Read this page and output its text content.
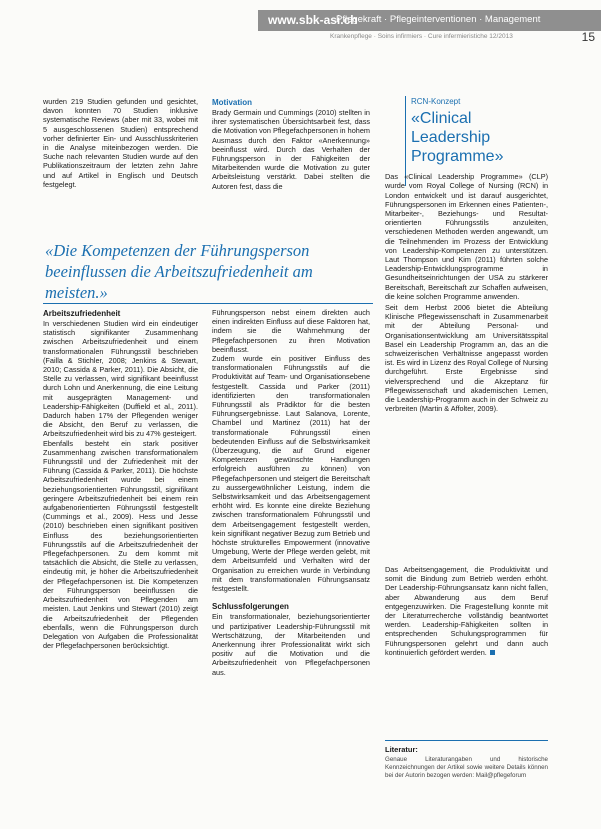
www.sbk-asi.ch
Pflegekraft · Pflegeinterventionen · Management
Krankenpflege · Soins infirmiers · Cure infermieristiche 12/2013	15

wurden 219 Studien gefunden und gesichtet, davon konnten 70 Studien inklusive systematische Reviews (aber mit 33, wobei mit 5 ausgeschlossenen Studien) entsprechend vorher definierter Ein- und Ausschlusskriterien in die Analyse miteinbezogen werden. Die Suche nach relevanten Studien wurde auf den Publikationszeitraum der letzten zehn Jahre und auf Artikel in Englisch und Deutsch festgelegt.

Motivation

Brady Germain und Cummings (2010) stellten in ihrer systematischen Übersichtsarbeit fest, dass die Motivation von Pflegefachpersonen in hohem Ausmass durch den Faktor «Anerkennung» beeinflusst wird. Durch das Verhalten der Führungsperson in der Fähigkeiten der Mitarbeitenden wurde die Motivation zu guter Arbeitsleistung verstärkt. Dabei stellten die Autoren fest, dass die

RCN-Konzept
«Clinical Leadership Programme»

Das «Clinical Leadership Programme» (CLP) wurde vom Royal College of Nursing (RCN) in London entwickelt und ist darauf ausgerichtet, Führungspersonen im Erkennen eines Patienten-, Mitarbeiter-, Beziehungs- und Resultat-orientierten Führungsstils anzuleiten, verschiedenen Methoden werden angewandt, um die Teilnehmenden im Prozess der Entwicklung von Leadership-Kompetenzen zu unterstützen. Laut Thompson und Kim (2011) führten solche Leadership-Entwicklungsprogramme in Gesundheitseinrichtungen der USA zu stärkerer Bereitschaft, Bereitschaft zur Schaffen aufweisen, die keine solchen Programme anwenden.

Seit dem Herbst 2006 bietet die Abteilung Klinische Pflegewissenschaft in Zusammenarbeit mit der Abteilung Personal- und Organisationsentwicklung am Universitätsspital Basel ein Leadership Programm an, das an die schweizerischen Verhältnisse angepasst worden ist. Es wird in Lizenz des Royal College of Nursing durchgeführt. Erste Ergebnisse sind vielversprechend und die Akzeptanz für Pflegewissenschaft und akademischen Lernen, die Leadership-Programm auch in der Schweiz zu verbreiten (Martin & Affolter, 2009).

«Die Kompetenzen der Führungsperson beeinflussen die Arbeitszufriedenheit am meisten.»
Arbeitszufriedenheit

In verschiedenen Studien wird ein eindeutiger statistisch signifikanter Zusammenhang zwischen Arbeitszufriedenheit und einem transformationalen Führungsstil beschrieben (Failla & Stichler, 2008; Jenkins & Stewart, 2010; Cassida & Parker, 2011). Die Absicht, die Stelle zu verlassen, wird signifikant beeinflusst durch Lohn und Anerkennung, die eine Leitung mit ausgeprägten Management- und Leadership-Fähigkeiten (Duffield et al., 2011). Dadurch haben 17% der Pflegenden weniger die Absicht, den Beruf zu verlassen, die Arbeitszufriedenheit wird bis zu 47% gesteigert.

Ebenfalls besteht ein stark positiver Zusammenhang zwischen transformationalem Führungsstil und der Zufriedenheit mit der Führung (Cassida & Parker, 2011). Die höchste Arbeitszufriedenheit wurde bei einem beziehungsorientierten Führungsstil, signifikant geringere Arbeitszufriedenheit bei einem rein aufgabenorientierten Führungsstil festgestellt (Cummings et al., 2009). Hess und Jesse (2010) beschrieben einen signifikant positiven Einfluss des beziehungsorientierten Führungsstils auf die Arbeitszufriedenheit der Pflegefachpersonen. Zu dem kommt mit tatsächlich die Absicht, die Stelle zu verlassen, eindeutig mit, je höher die Arbeitszufriedenheit der Pflegefachpersonen ist. Die Kompetenzen der Führungsperson beeinflussen die Arbeitszufriedenheit von Pflegenden am meisten. Laut Jenkins und Stewart (2010) zeigt die Arbeitszufriedenheit der Pflegenden ebenfalls, wenn die Führungsperson durch Delegation von Aufgaben die Professionalität der Pflegefachpersonen berücksichtigt.

Führungsperson nebst einem direkten auch einen indirekten Einfluss auf diese Faktoren hat, indem sie die Wahrnehmung der Pflegefachpersonen zu ihren Motivation beeinflusst.

Zudem wurde ein positiver Einfluss des transformationalen Führungsstils auf die Produktivität auf Team- und Organisationsebene festgestellt. Cassida und Parker (2011) identifizierten den transformationalen Führungsstil als Prädiktor für die besten Führungsergebnisse. Laut Salanova, Lorente, Chambel und Martinez (2011) hat der transformationale Führungsstil einen bedeutenden Einfluss auf die Selbstwirksamkeit (Überzeugung, die auf Grund eigener Kompetenzen gewünschte Handlungen erfolgreich ausführen zu können) von Pflegefachpersonen und steigert die Bereitschaft zu aussergewöhnlicher Leistung, indem die Selbstwirksamkeit und das Arbeitsengagement erhöht wird. Es konnte eine direkte Beziehung zwischen transformationalem Führungsstil und dem Arbeitsengagement festgestellt werden, kein signifikant negativer Bezug zum Betrieb und höchste strukturelles Empowerment (innovative Umgebung, Werte der Pflege werden gelebt, mit dem Arbeitsumfeld und Verhalten wird der Organisation zu erreichen wurde in Verbindung mit dem transformationalen Führungsansatz festgestellt.

Schlussfolgerungen

Ein transformationaler, beziehungsorientierter und partizipativer Leadership-Führungsstil mit Wertschätzung, der Mitarbeitenden und Anerkennung ihrer Professionalität wirkt sich positiv auf die Motivation und die Arbeitszufriedenheit von Pflegefachpersonen aus.

Das Arbeitsengagement, die Produktivität und somit die Bindung zum Betrieb werden erhöht. Der Leadership-Führungsansatz kann nicht fallen, aber Abwanderung aus dem Beruf entgegenzuwirken. Die Fragestellung konnte mit der Literaturrecherche vollständig beantwortet werden. Leadership-Fähigkeiten sollten in entsprechenden Schulungsprogrammen für Führungspersonen gelehrt und dann auch kontinuierlich gefördert werden.

Literatur:
Genaue Literaturangaben und historische Kennzeichnungen der Artikel sowie weitere Details können bei der Autorin bezogen werden: Mail@pflegeforum
